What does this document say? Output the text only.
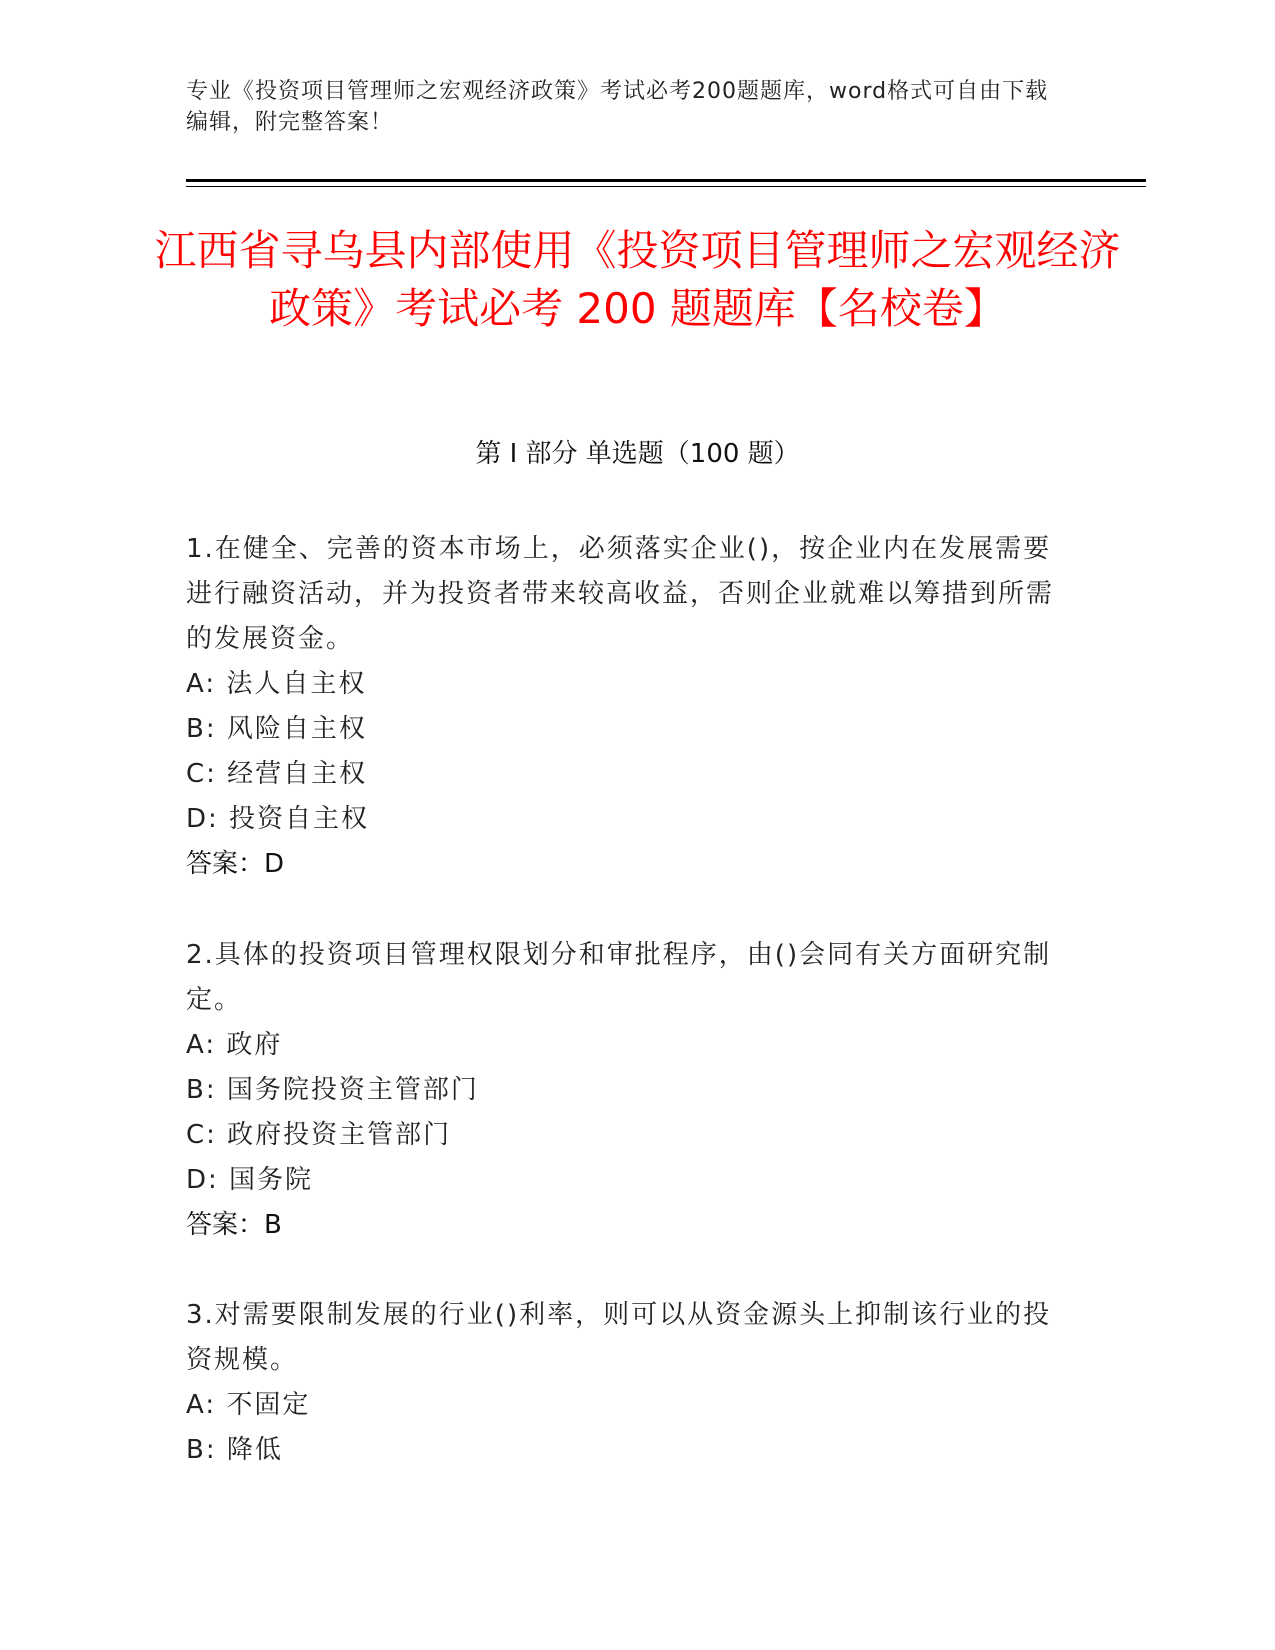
专业《投资项目管理师之宏观经济政策》考试必考200题题库，word格式可自由下载编辑，附完整答案！
江西省寻乌县内部使用《投资项目管理师之宏观经济政策》考试必考 200 题题库【名校卷】
第 I 部分 单选题（100 题）
1.在健全、完善的资本市场上，必须落实企业()，按企业内在发展需要进行融资活动，并为投资者带来较高收益，否则企业就难以筹措到所需的发展资金。
A: 法人自主权
B: 风险自主权
C: 经营自主权
D: 投资自主权
答案：D
2.具体的投资项目管理权限划分和审批程序，由()会同有关方面研究制定。
A: 政府
B: 国务院投资主管部门
C: 政府投资主管部门
D: 国务院
答案：B
3.对需要限制发展的行业()利率，则可以从资金源头上抑制该行业的投资规模。
A: 不固定
B: 降低
